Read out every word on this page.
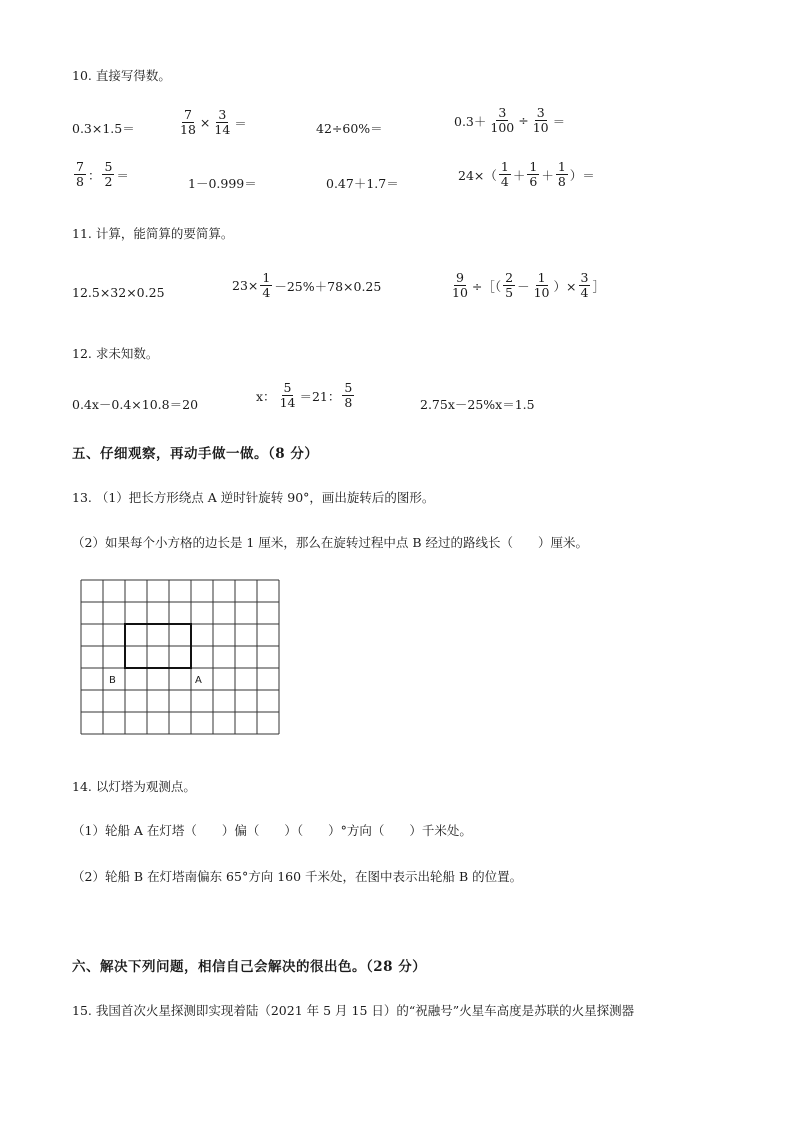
10. 直接写得数。
0.3×1.5＝	$\frac{7}{18} \times \frac{3}{14}$ ＝	42÷60%＝	$0.3+ \frac{3}{100} \div \frac{3}{10}$ ＝
$\frac{7}{8}$ ： $\frac{5}{2}$ ＝
1－0.999＝	0.47＋1.7＝
$24\times( \frac{1}{4} + \frac{1}{6} + \frac{1}{8}$ ）＝
11. 计算，能简算的要简算。
12.5×32×0.25	$23\times \frac{1}{4} -25\%+78\times 0.25$	$\frac{9}{10}$ ÷［（ $\frac{2}{5} - \frac{1}{10}$ ）× $\frac{3}{4}$ ］
12. 求未知数。
0.4x－0.4×10.8＝20
x： $\frac{5}{14} =21$： $\frac{5}{8}$	2.75x－25%x＝1.5
五、仔细观察，再动手做一做。（8 分）
13. （1）把长方形绕点 A 逆时针旋转 90°，画出旋转后的图形。
（2）如果每个小方格的边长是 1 厘米，那么在旋转过程中点 B 经过的路线长（　　）厘米。
B	A
14. 以灯塔为观测点。
（1）轮船 A 在灯塔（　　）偏（　　）（　　）°方向（　　）千米处。
（2）轮船 B 在灯塔南偏东 65°方向 160 千米处，在图中表示出轮船 B 的位置。
六、解决下列问题，相信自己会解决的很出色。（28 分）
15. 我国首次火星探测即实现着陆（2021 年 5 月 15 日）的“祝融号”火星车高度是苏联的火星探测器
